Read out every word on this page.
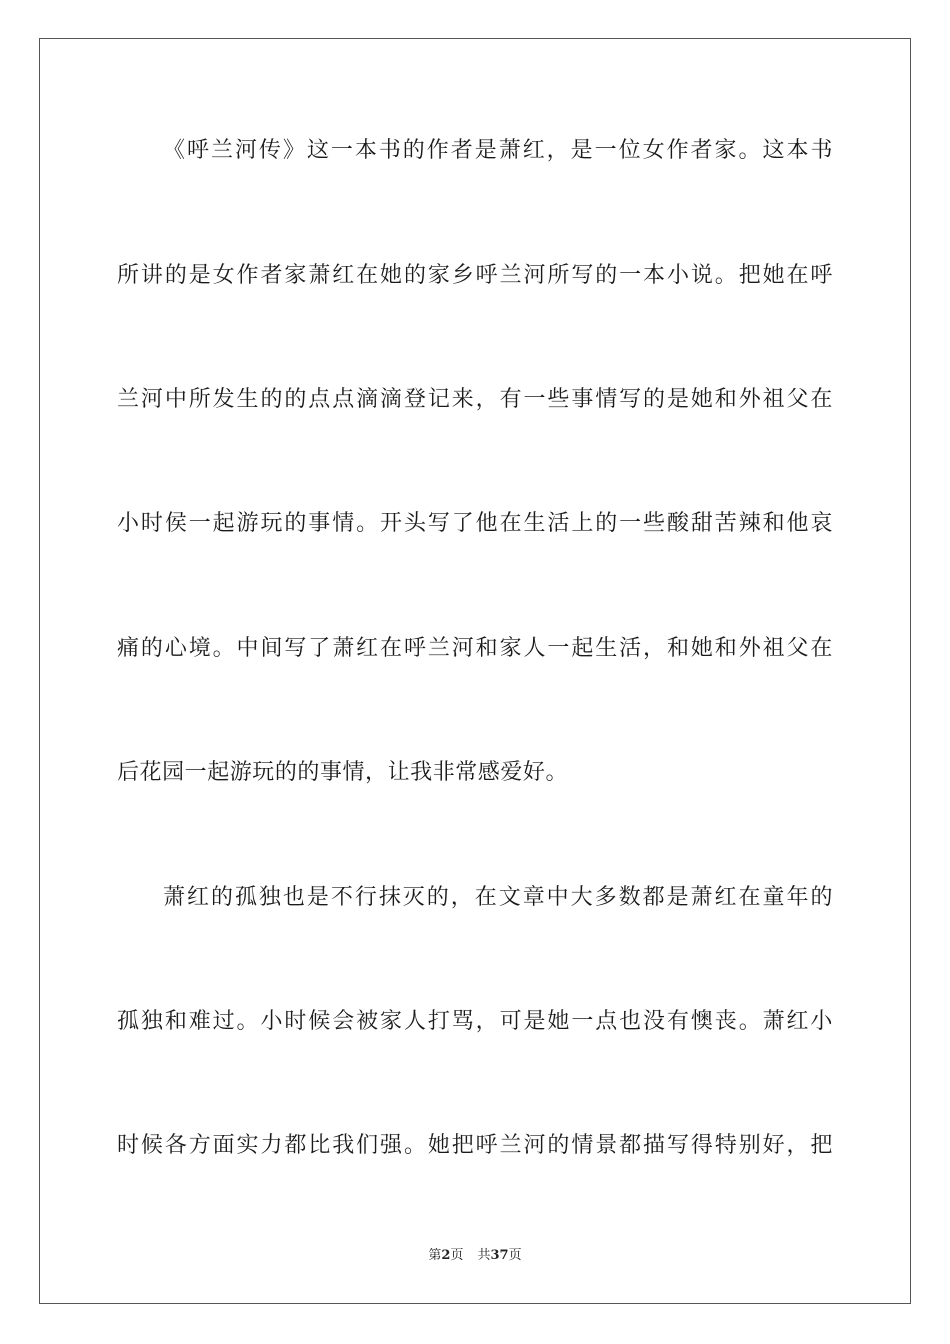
《呼兰河传》这一本书的作者是萧红，是一位女作者家。这本书
所讲的是女作者家萧红在她的家乡呼兰河所写的一本小说。把她在呼
兰河中所发生的的点点滴滴登记来，有一些事情写的是她和外祖父在
小时侯一起游玩的事情。开头写了他在生活上的一些酸甜苦辣和他哀
痛的心境。中间写了萧红在呼兰河和家人一起生活，和她和外祖父在
后花园一起游玩的的事情，让我非常感爱好。
萧红的孤独也是不行抹灭的，在文章中大多数都是萧红在童年的
孤独和难过。小时候会被家人打骂，可是她一点也没有懊丧。萧红小
时候各方面实力都比我们强。她把呼兰河的情景都描写得特别好，把
第2页 共37页
